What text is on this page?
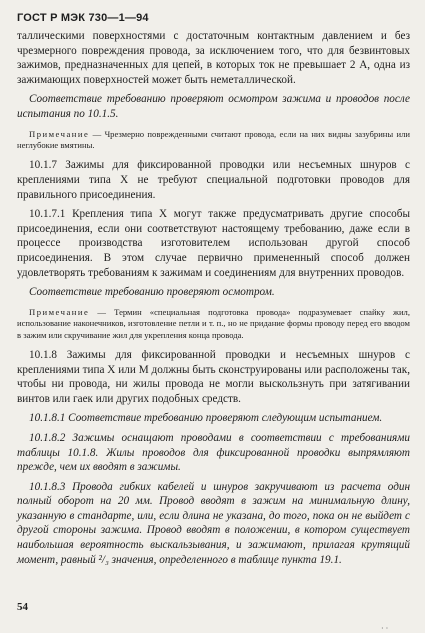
ГОСТ Р МЭК 730—1—94

таллическими поверхностями с достаточным контактным давлением и без чрезмерного повреждения провода, за исключением того, что для безвинтовых зажимов, предназначенных для цепей, в которых ток не превышает 2 А, одна из зажимающих поверхностей может быть неметаллической.

Соответствие требованию проверяют осмотром зажима и проводов после испытания по 10.1.5.

Примечание — Чрезмерно поврежденными считают провода, если на них видны зазубрины или неглубокие вмятины.

10.1.7 Зажимы для фиксированной проводки или несъемных шнуров с креплениями типа X не требуют специальной подготовки проводов для правильного присоединения.

10.1.7.1 Крепления типа X могут также предусматривать другие способы присоединения, если они соответствуют настоящему требованию, даже если в процессе производства изготовителем использован другой способ присоединения. В этом случае первично примененный способ должен удовлетворять требованиям к зажимам и соединениям для внутренних проводов.

Соответствие требованию проверяют осмотром.

Примечание — Термин «специальная подготовка провода» подразумевает спайку жил, использование наконечников, изготовление петли и т. п., но не придание формы проводу перед его вводом в зажим или скручивание жил для укрепления конца провода.

10.1.8 Зажимы для фиксированной проводки и несъемных шнуров с креплениями типа X или М должны быть сконструированы или расположены так, чтобы ни провода, ни жилы провода не могли выскользнуть при затягивании винтов или гаек или других подобных средств.

10.1.8.1 Соответствие требованию проверяют следующим испытанием.

10.1.8.2 Зажимы оснащают проводами в соответствии с требованиями таблицы 10.1.8. Жилы проводов для фиксированной проводки выпрямляют прежде, чем их вводят в зажимы.

10.1.8.3 Провода гибких кабелей и шнуров закручивают из расчета один полный оборот на 20 мм. Провод вводят в зажим на минимальную длину, указанную в стандарте, или, если длина не указана, до того, пока он не выйдет с другой стороны зажима. Провод вводят в положении, в котором существует наибольшая вероятность выскальзывания, и зажимают, прилагая крутящий момент, равный ²/₃ значения, определенного в таблице пункта 19.1.

54
· ·
